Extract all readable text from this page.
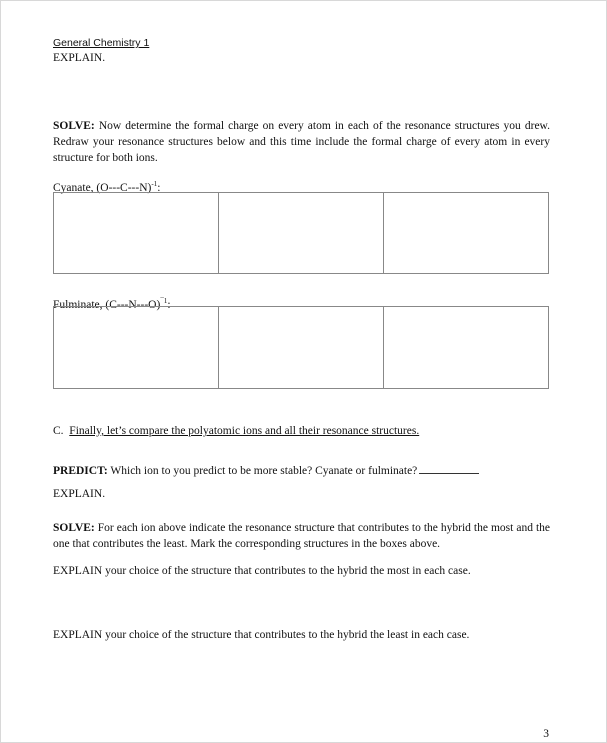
General Chemistry 1
EXPLAIN.
SOLVE: Now determine the formal charge on every atom in each of the resonance structures you drew. Redraw your resonance structures below and this time include the formal charge of every atom in every structure for both ions.
Cyanate, $(O---C---N)^{-1}$:
Fulminate, $(C---N---O)^{¯1}$:
C. Finally, let’s compare the polyatomic ions and all their resonance structures.
PREDICT: Which ion to you predict to be more stable? Cyanate or fulminate?
EXPLAIN.
SOLVE: For each ion above indicate the resonance structure that contributes to the hybrid the most and the one that contributes the least. Mark the corresponding structures in the boxes above.
EXPLAIN your choice of the structure that contributes to the hybrid the most in each case.
EXPLAIN your choice of the structure that contributes to the hybrid the least in each case.
3
